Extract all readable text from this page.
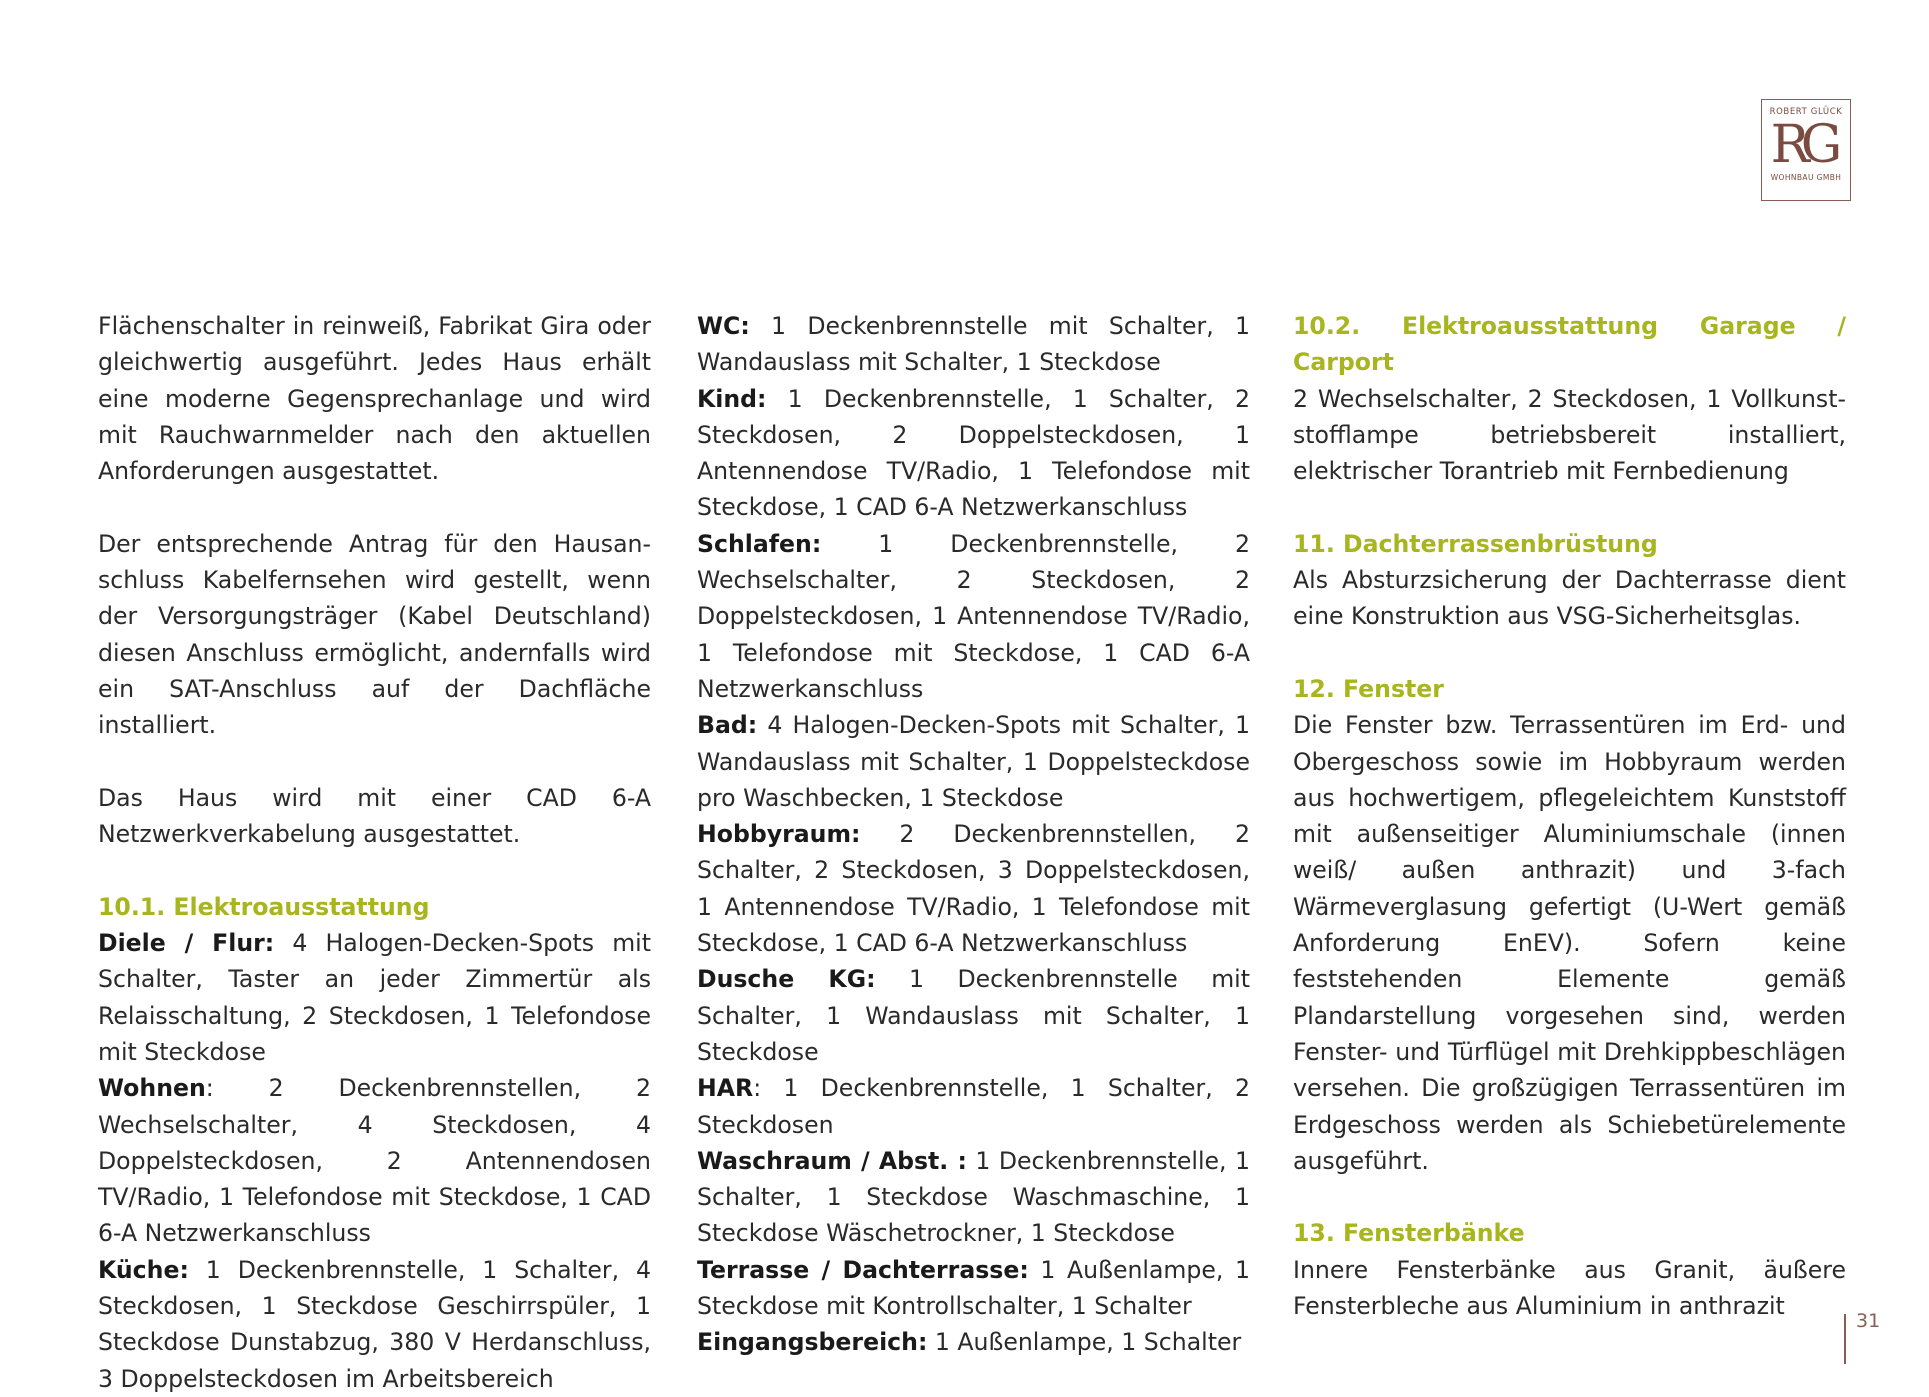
ROBERT GLÜCK
RG
WOHNBAU GMBH

Flächenschalter in reinweiß, Fabrikat Gira oder gleichwertig ausgeführt. Jedes Haus erhält eine moderne Gegensprechanlage und wird mit Rauchwarnmelder nach den aktuellen Anforderungen ausgestattet.

Der entsprechende Antrag für den Hausanschluss Kabelfernsehen wird gestellt, wenn der Versorgungsträger (Kabel Deutschland) diesen Anschluss ermöglicht, andernfalls wird ein SAT-Anschluss auf der Dachfläche installiert.

Das Haus wird mit einer CAD 6-A Netzwerkverkabelung ausgestattet.

10.1. Elektroausstattung

Diele / Flur: 4 Halogen-Decken-Spots mit Schalter, Taster an jeder Zimmertür als Relaisschaltung, 2 Steckdosen, 1 Telefondose mit Steckdose

Wohnen: 2 Deckenbrennstellen, 2 Wechselschalter, 4 Steckdosen, 4 Doppelsteckdosen, 2 Antennendosen TV/Radio, 1 Telefondose mit Steckdose, 1 CAD 6-A Netzwerkanschluss

Küche: 1 Deckenbrennstelle, 1 Schalter, 4 Steckdosen, 1 Steckdose Geschirrspüler, 1 Steckdose Dunstabzug, 380 V Herdanschluss, 3 Doppelsteckdosen im Arbeitsbereich

WC: 1 Deckenbrennstelle mit Schalter, 1 Wandauslass mit Schalter, 1 Steckdose

Kind: 1 Deckenbrennstelle, 1 Schalter, 2 Steckdosen, 2 Doppelsteckdosen, 1 Antennendose TV/Radio, 1 Telefondose mit Steckdose, 1 CAD 6-A Netzwerkanschluss

Schlafen: 1 Deckenbrennstelle, 2 Wechselschalter, 2 Steckdosen, 2 Doppelsteckdosen, 1 Antennendose TV/Radio, 1 Telefondose mit Steckdose, 1 CAD 6-A Netzwerkanschluss

Bad: 4 Halogen-Decken-Spots mit Schalter, 1 Wandauslass mit Schalter, 1 Doppelsteckdose pro Waschbecken, 1 Steckdose

Hobbyraum: 2 Deckenbrennstellen, 2 Schalter, 2 Steckdosen, 3 Doppelsteckdosen, 1 Antennendose TV/Radio, 1 Telefondose mit Steckdose, 1 CAD 6-A Netzwerkanschluss

Dusche KG: 1 Deckenbrennstelle mit Schalter, 1 Wandauslass mit Schalter, 1 Steckdose

HAR: 1 Deckenbrennstelle, 1 Schalter, 2 Steckdosen

Waschraum / Abst. : 1 Deckenbrennstelle, 1 Schalter, 1 Steckdose Waschmaschine, 1 Steckdose Wäschetrockner, 1 Steckdose

Terrasse / Dachterrasse: 1 Außenlampe, 1 Steckdose mit Kontrollschalter, 1 Schalter

Eingangsbereich: 1 Außenlampe, 1 Schalter

10.2. Elektroausstattung Garage / Carport

2 Wechselschalter, 2 Steckdosen, 1 Vollkunststofflampe betriebsbereit installiert, elektrischer Torantrieb mit Fernbedienung

11. Dachterrassenbrüstung

Als Absturzsicherung der Dachterrasse dient eine Konstruktion aus VSG-Sicherheitsglas.

12. Fenster

Die Fenster bzw. Terrassentüren im Erd- und Obergeschoss sowie im Hobbyraum werden aus hochwertigem, pflegeleichtem Kunststoff mit außenseitiger Aluminiumschale (innen weiß/ außen anthrazit) und 3-fach Wärmeverglasung gefertigt (U-Wert gemäß Anforderung EnEV). Sofern keine feststehenden Elemente gemäß Plandarstellung vorgesehen sind, werden Fenster- und Türflügel mit Drehkippbeschlägen versehen. Die großzügigen Terrassentüren im Erdgeschoss werden als Schiebetürelemente ausgeführt.

13. Fensterbänke

Innere Fensterbänke aus Granit, äußere Fensterbleche aus Aluminium in anthrazit

31
